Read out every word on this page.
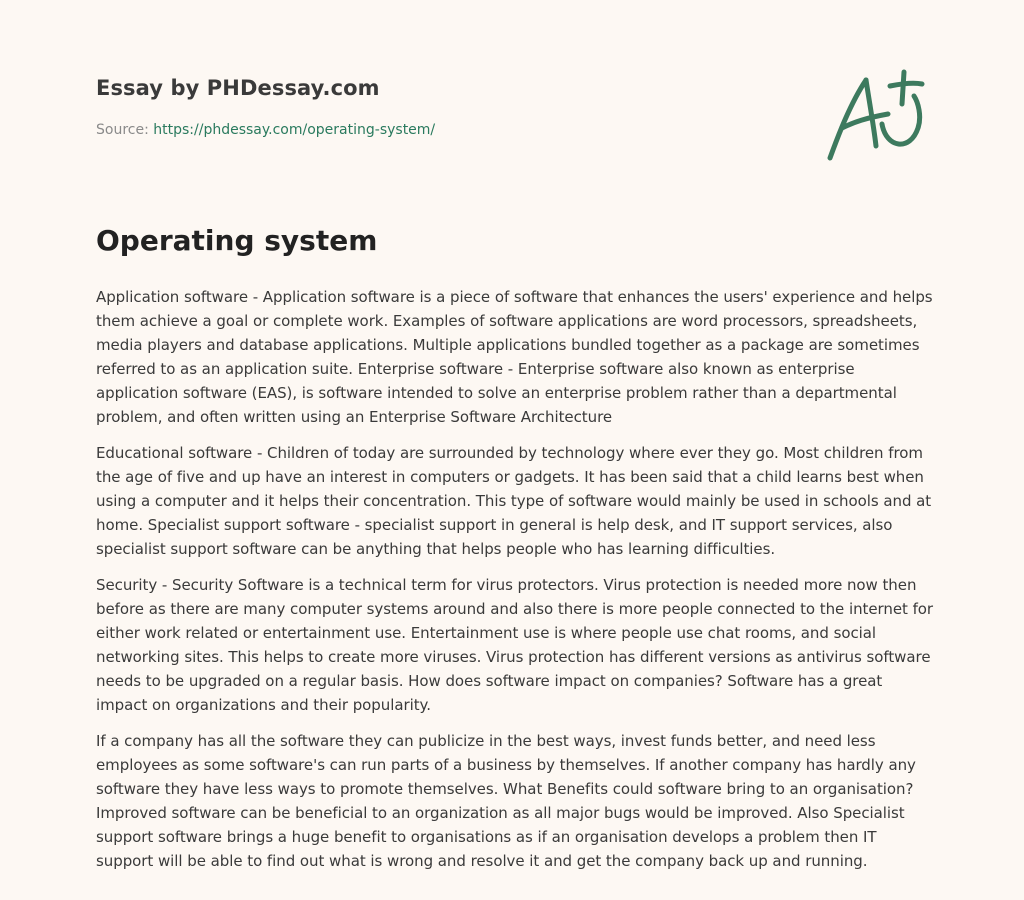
Essay by PHDessay.com
Source: https://phdessay.com/operating-system/
Operating system

Application software - Application software is a piece of software that enhances the users' experience and helps them achieve a goal or complete work. Examples of software applications are word processors, spreadsheets, media players and database applications. Multiple applications bundled together as a package are sometimes referred to as an application suite. Enterprise software - Enterprise software also known as enterprise application software (EAS), is software intended to solve an enterprise problem rather than a departmental problem, and often written using an Enterprise Software Architecture

Educational software - Children of today are surrounded by technology where ever they go. Most children from the age of five and up have an interest in computers or gadgets. It has been said that a child learns best when using a computer and it helps their concentration. This type of software would mainly be used in schools and at home. Specialist support software - specialist support in general is help desk, and IT support services, also specialist support software can be anything that helps people who has learning difficulties.

Security - Security Software is a technical term for virus protectors. Virus protection is needed more now then before as there are many computer systems around and also there is more people connected to the internet for either work related or entertainment use. Entertainment use is where people use chat rooms, and social networking sites. This helps to create more viruses. Virus protection has different versions as antivirus software needs to be upgraded on a regular basis. How does software impact on companies? Software has a great impact on organizations and their popularity.

If a company has all the software they can publicize in the best ways, invest funds better, and need less employees as some software's can run parts of a business by themselves. If another company has hardly any software they have less ways to promote themselves. What Benefits could software bring to an organisation? Improved software can be beneficial to an organization as all major bugs would be improved. Also Specialist support software brings a huge benefit to organisations as if an organisation develops a problem then IT support will be able to find out what is wrong and resolve it and get the company back up and running.
